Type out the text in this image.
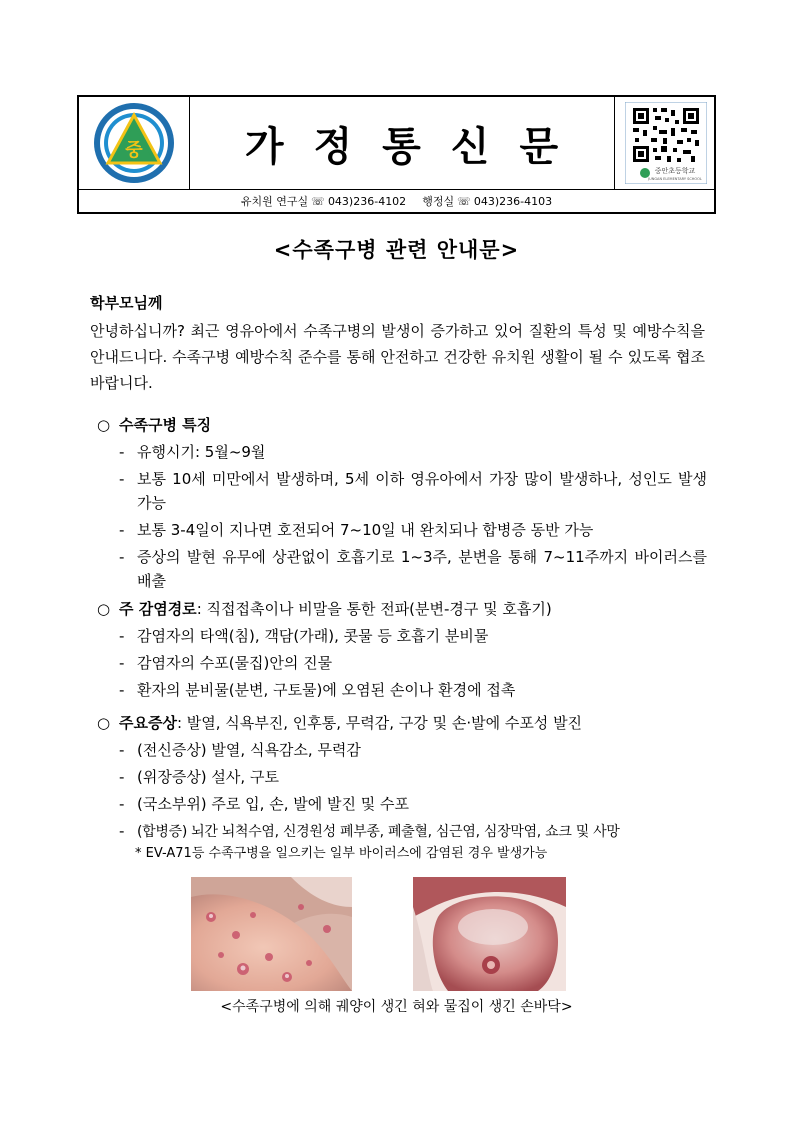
중	가정통신문
중안초등학교
JUNGAN ELEMENTARY SCHOOL
유치원 연구실 ☏ 043)236-4102 행정실 ☏ 043)236-4103
<수족구병 관련 안내문>
학부모님께
안녕하십니까? 최근 영유아에서 수족구병의 발생이 증가하고 있어 질환의 특성 및 예방수칙을 안내드니다. 수족구병 예방수칙 준수를 통해 안전하고 건강한 유치원 생활이 될 수 있도록 협조 바랍니다.
○ 수족구병 특징
- 유행시기: 5월~9월
- 보통 10세 미만에서 발생하며, 5세 이하 영유아에서 가장 많이 발생하나, 성인도 발생 가능
- 보통 3-4일이 지나면 호전되어 7~10일 내 완치되나 합병증 동반 가능
- 증상의 발현 유무에 상관없이 호흡기로 1~3주, 분변을 통해 7~11주까지 바이러스를 배출
○ 주 감염경로: 직접접촉이나 비말을 통한 전파(분변-경구 및 호흡기)
- 감염자의 타액(침), 객담(가래), 콧물 등 호흡기 분비물
- 감염자의 수포(물집)안의 진물
- 환자의 분비물(분변, 구토물)에 오염된 손이나 환경에 접촉
○ 주요증상: 발열, 식욕부진, 인후통, 무력감, 구강 및 손·발에 수포성 발진
- (전신증상) 발열, 식욕감소, 무력감
- (위장증상) 설사, 구토
- (국소부위) 주로 입, 손, 발에 발진 및 수포
- (합병증) 뇌간 뇌척수염, 신경원성 폐부종, 폐출혈, 심근염, 심장막염, 쇼크 및 사망
* EV-A71등 수족구병을 일으키는 일부 바이러스에 감염된 경우 발생가능
<수족구병에 의해 궤양이 생긴 혀와 물집이 생긴 손바닥>
